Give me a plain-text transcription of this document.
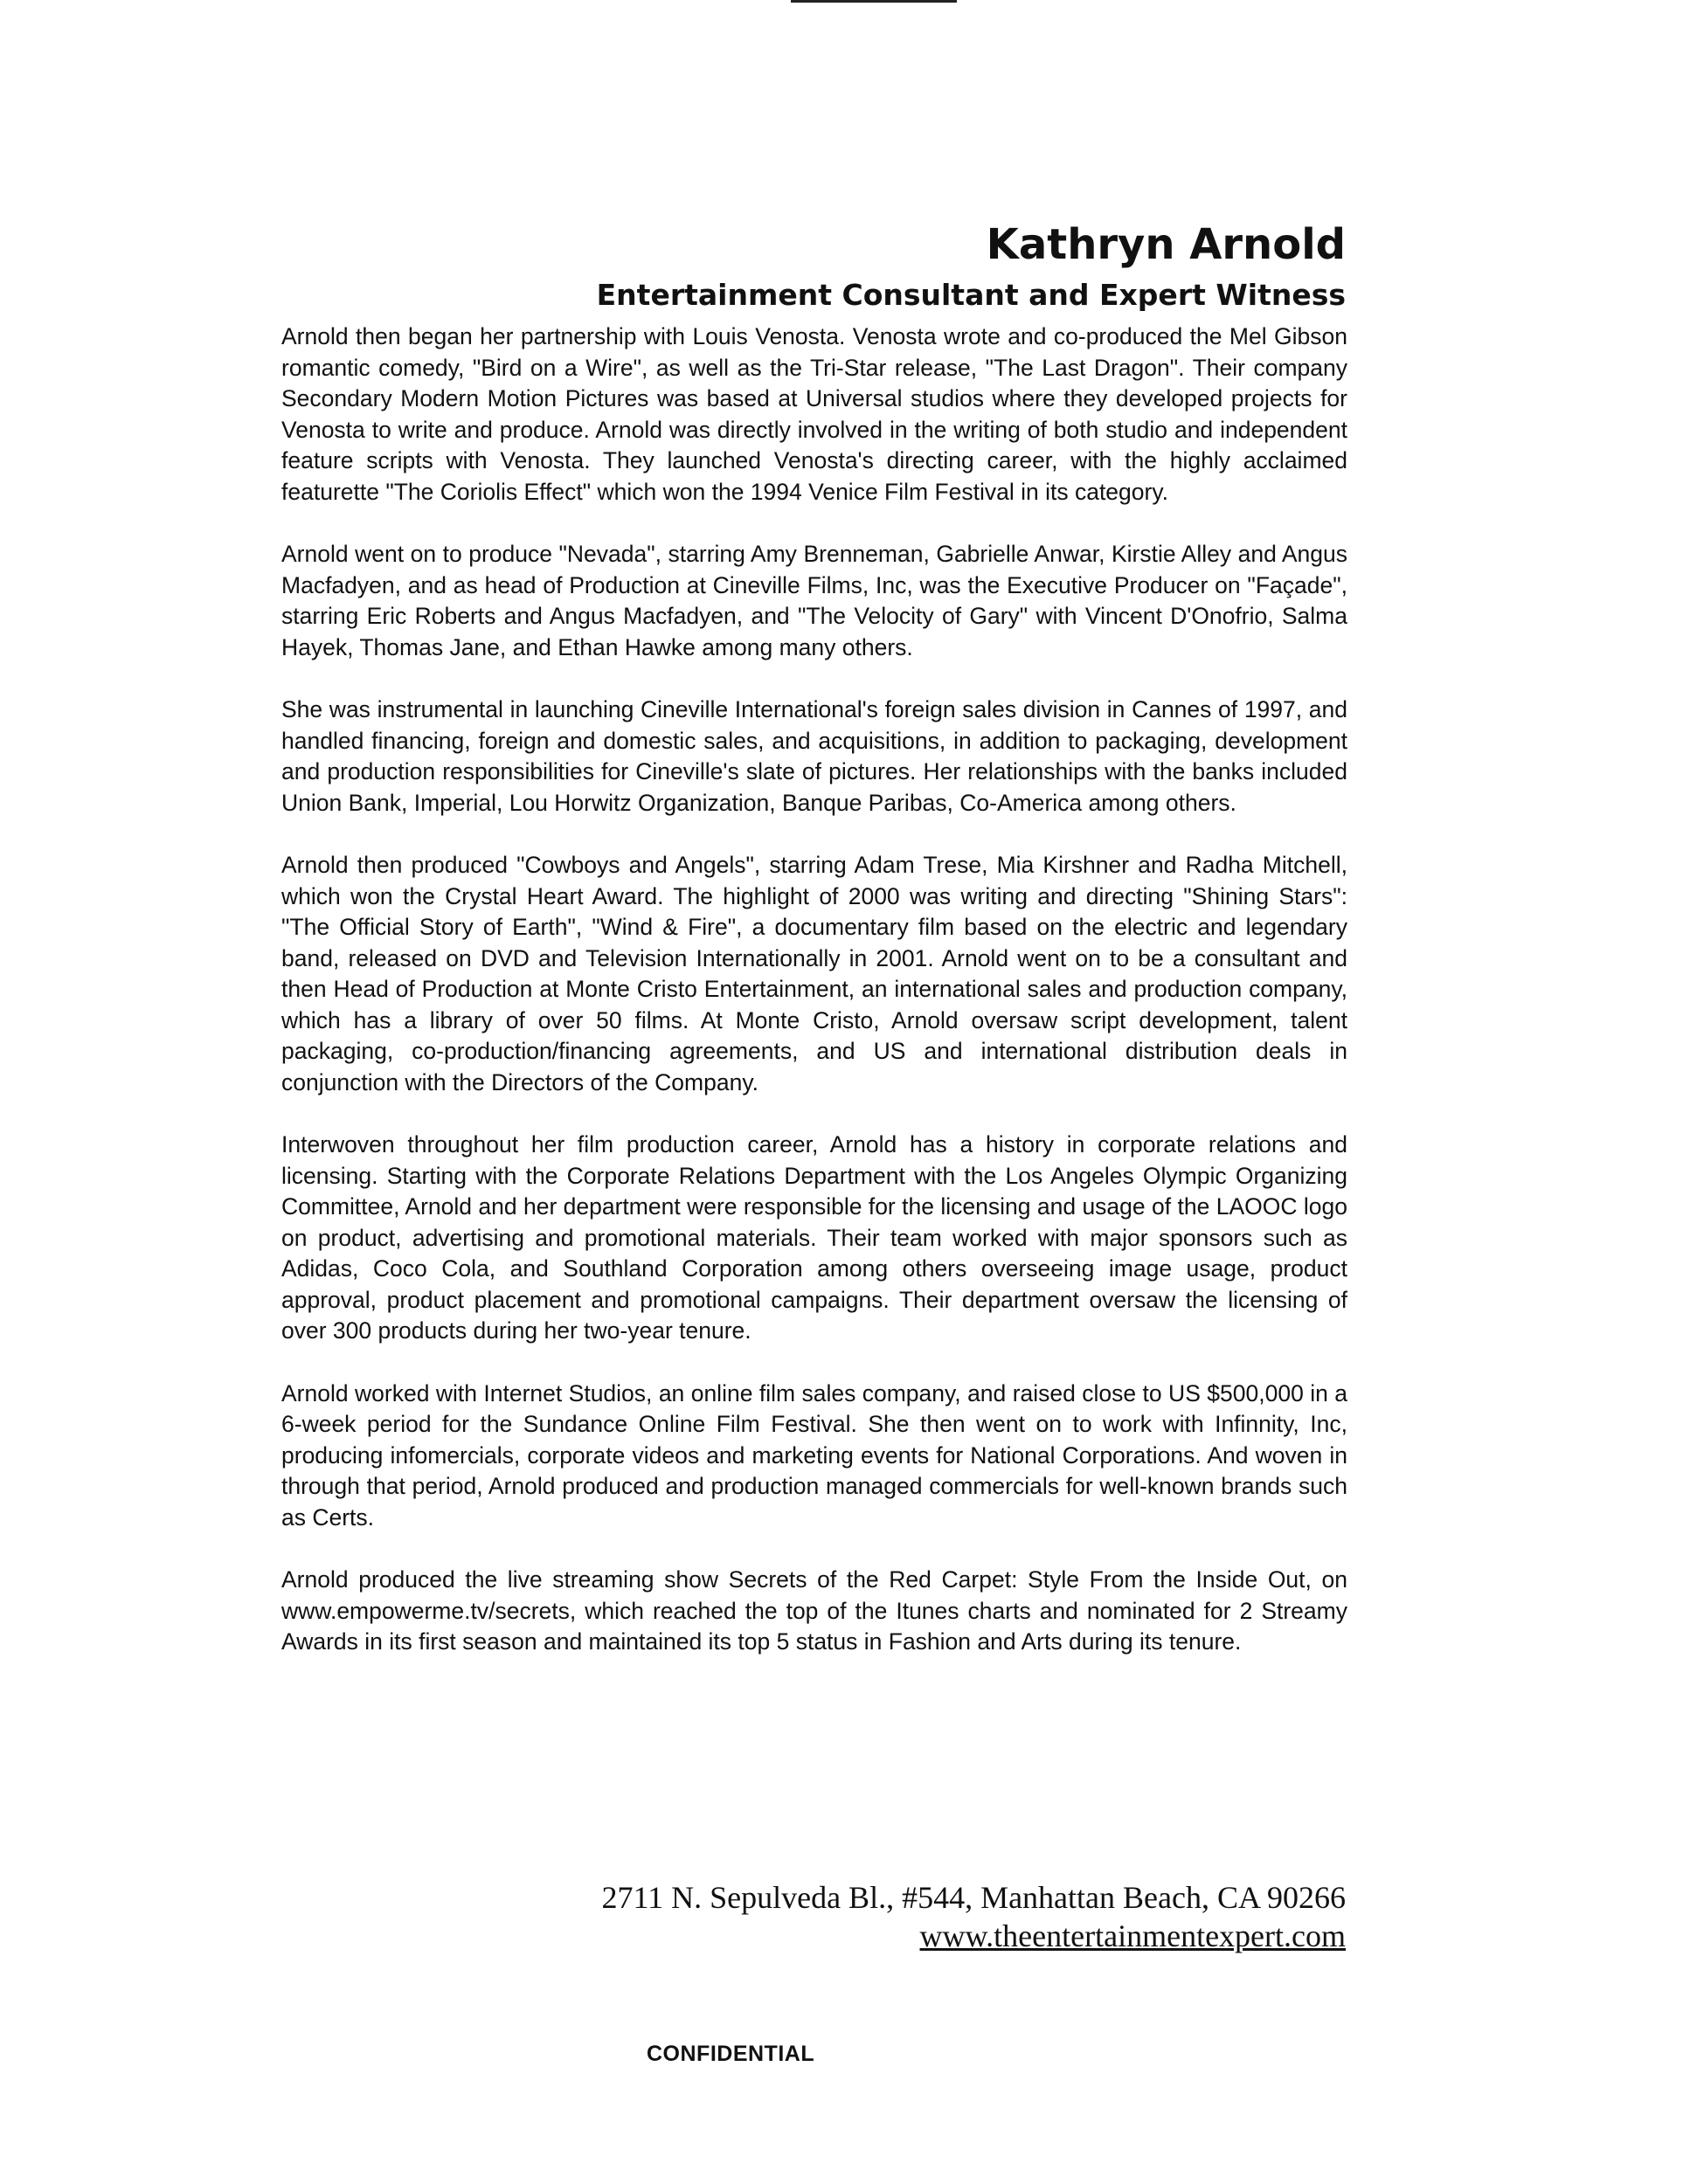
Kathryn Arnold
Entertainment Consultant and Expert Witness

Arnold then began her partnership with Louis Venosta. Venosta wrote and co-produced the Mel Gibson romantic comedy, "Bird on a Wire", as well as the Tri-Star release, "The Last Dragon". Their company Secondary Modern Motion Pictures was based at Universal studios where they developed projects for Venosta to write and produce. Arnold was directly involved in the writing of both studio and independent feature scripts with Venosta. They launched Venosta's directing career, with the highly acclaimed featurette "The Coriolis Effect" which won the 1994 Venice Film Festival in its category.

Arnold went on to produce "Nevada", starring Amy Brenneman, Gabrielle Anwar, Kirstie Alley and Angus Macfadyen, and as head of Production at Cineville Films, Inc, was the Executive Producer on "Façade", starring Eric Roberts and Angus Macfadyen, and "The Velocity of Gary" with Vincent D'Onofrio, Salma Hayek, Thomas Jane, and Ethan Hawke among many others.

She was instrumental in launching Cineville International's foreign sales division in Cannes of 1997, and handled financing, foreign and domestic sales, and acquisitions, in addition to packaging, development and production responsibilities for Cineville's slate of pictures. Her relationships with the banks included Union Bank, Imperial, Lou Horwitz Organization, Banque Paribas, Co-America among others.

Arnold then produced "Cowboys and Angels", starring Adam Trese, Mia Kirshner and Radha Mitchell, which won the Crystal Heart Award. The highlight of 2000 was writing and directing "Shining Stars": "The Official Story of Earth", "Wind & Fire", a documentary film based on the electric and legendary band, released on DVD and Television Internationally in 2001. Arnold went on to be a consultant and then Head of Production at Monte Cristo Entertainment, an international sales and production company, which has a library of over 50 films. At Monte Cristo, Arnold oversaw script development, talent packaging, co-production/financing agreements, and US and international distribution deals in conjunction with the Directors of the Company.

Interwoven throughout her film production career, Arnold has a history in corporate relations and licensing. Starting with the Corporate Relations Department with the Los Angeles Olympic Organizing Committee, Arnold and her department were responsible for the licensing and usage of the LAOOC logo on product, advertising and promotional materials. Their team worked with major sponsors such as Adidas, Coco Cola, and Southland Corporation among others overseeing image usage, product approval, product placement and promotional campaigns. Their department oversaw the licensing of over 300 products during her two-year tenure.

Arnold worked with Internet Studios, an online film sales company, and raised close to US $500,000 in a 6-week period for the Sundance Online Film Festival. She then went on to work with Infinnity, Inc, producing infomercials, corporate videos and marketing events for National Corporations. And woven in through that period, Arnold produced and production managed commercials for well-known brands such as Certs.

Arnold produced the live streaming show Secrets of the Red Carpet: Style From the Inside Out, on www.empowerme.tv/secrets, which reached the top of the Itunes charts and nominated for 2 Streamy Awards in its first season and maintained its top 5 status in Fashion and Arts during its tenure.

2711 N. Sepulveda Bl., #544, Manhattan Beach, CA 90266
www.theentertainmentexpert.com
CONFIDENTIAL
